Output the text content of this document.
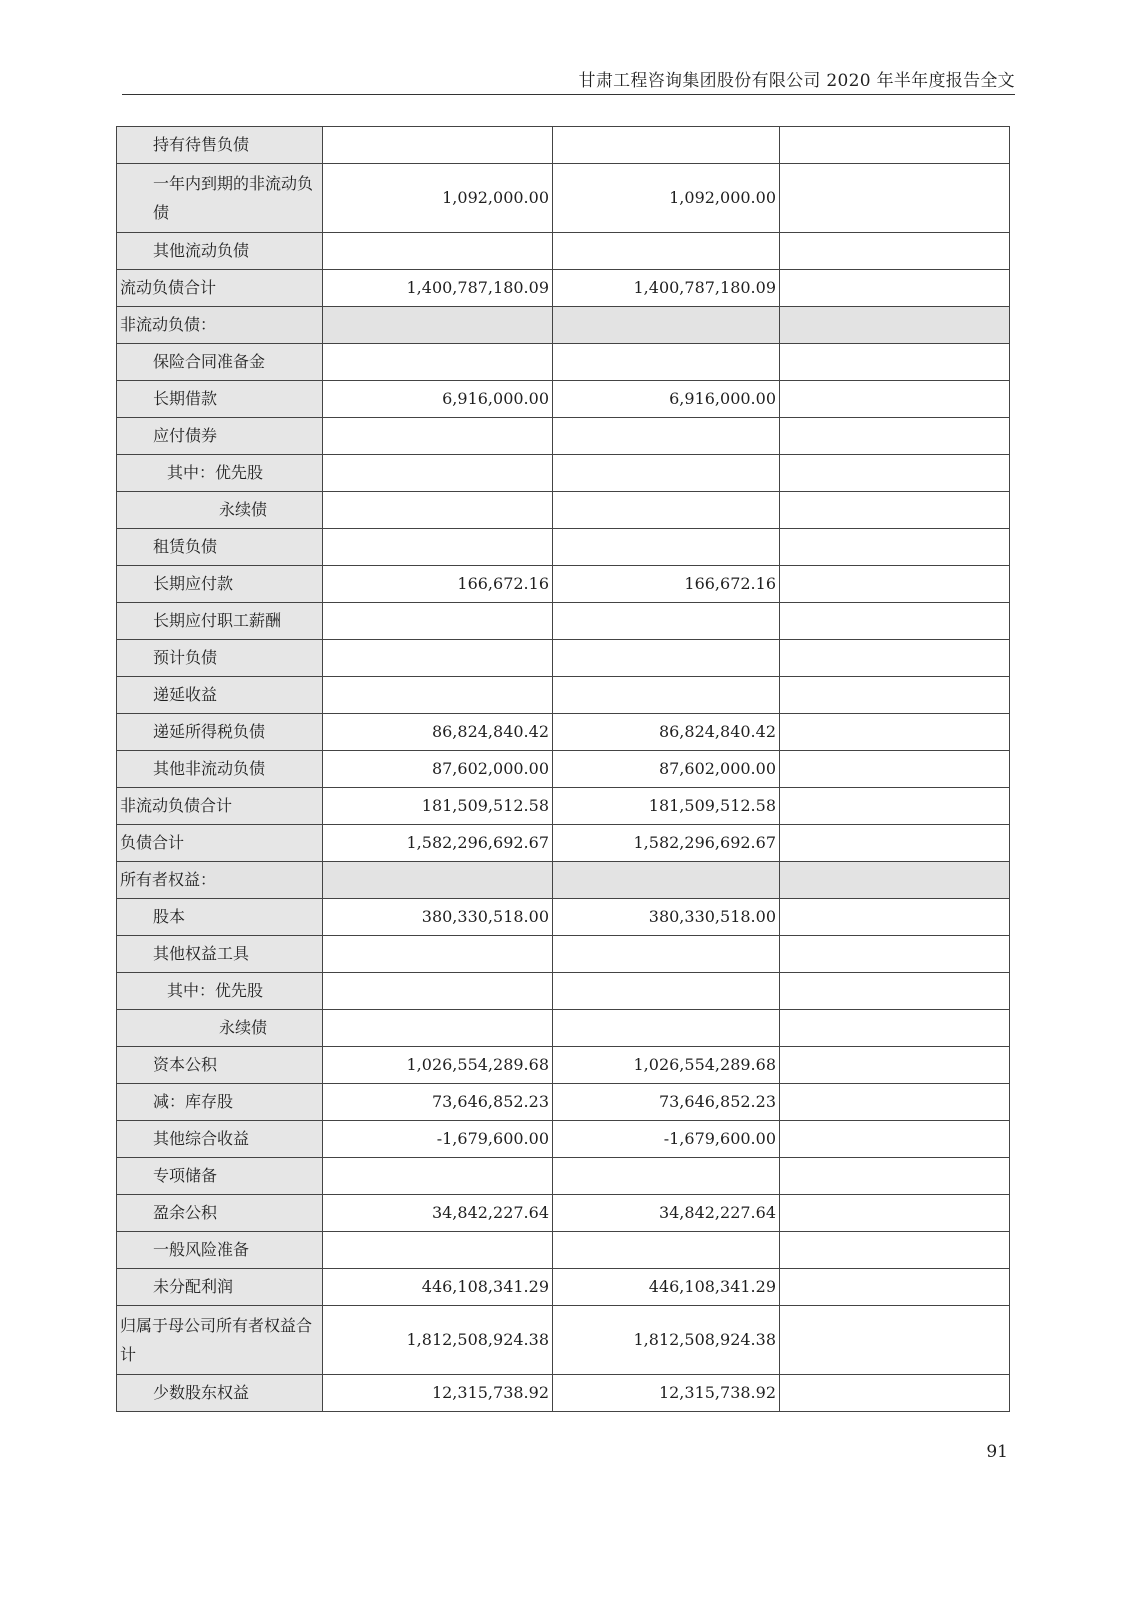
甘肃工程咨询集团股份有限公司 2020 年半年度报告全文
持有待售负债			
一年内到期的非流动负债	1,092,000.00	1,092,000.00	
其他流动负债			
流动负债合计	1,400,787,180.09	1,400,787,180.09	
非流动负债：			
保险合同准备金			
长期借款	6,916,000.00	6,916,000.00	
应付债券			
其中：优先股			
永续债			
租赁负债			
长期应付款	166,672.16	166,672.16	
长期应付职工薪酬			
预计负债			
递延收益			
递延所得税负债	86,824,840.42	86,824,840.42	
其他非流动负债	87,602,000.00	87,602,000.00	
非流动负债合计	181,509,512.58	181,509,512.58	
负债合计	1,582,296,692.67	1,582,296,692.67	
所有者权益：			
股本	380,330,518.00	380,330,518.00	
其他权益工具			
其中：优先股			
永续债			
资本公积	1,026,554,289.68	1,026,554,289.68	
减：库存股	73,646,852.23	73,646,852.23	
其他综合收益	-1,679,600.00	-1,679,600.00	
专项储备			
盈余公积	34,842,227.64	34,842,227.64	
一般风险准备			
未分配利润	446,108,341.29	446,108,341.29	
归属于母公司所有者权益合计	1,812,508,924.38	1,812,508,924.38	
少数股东权益	12,315,738.92	12,315,738.92	
91
